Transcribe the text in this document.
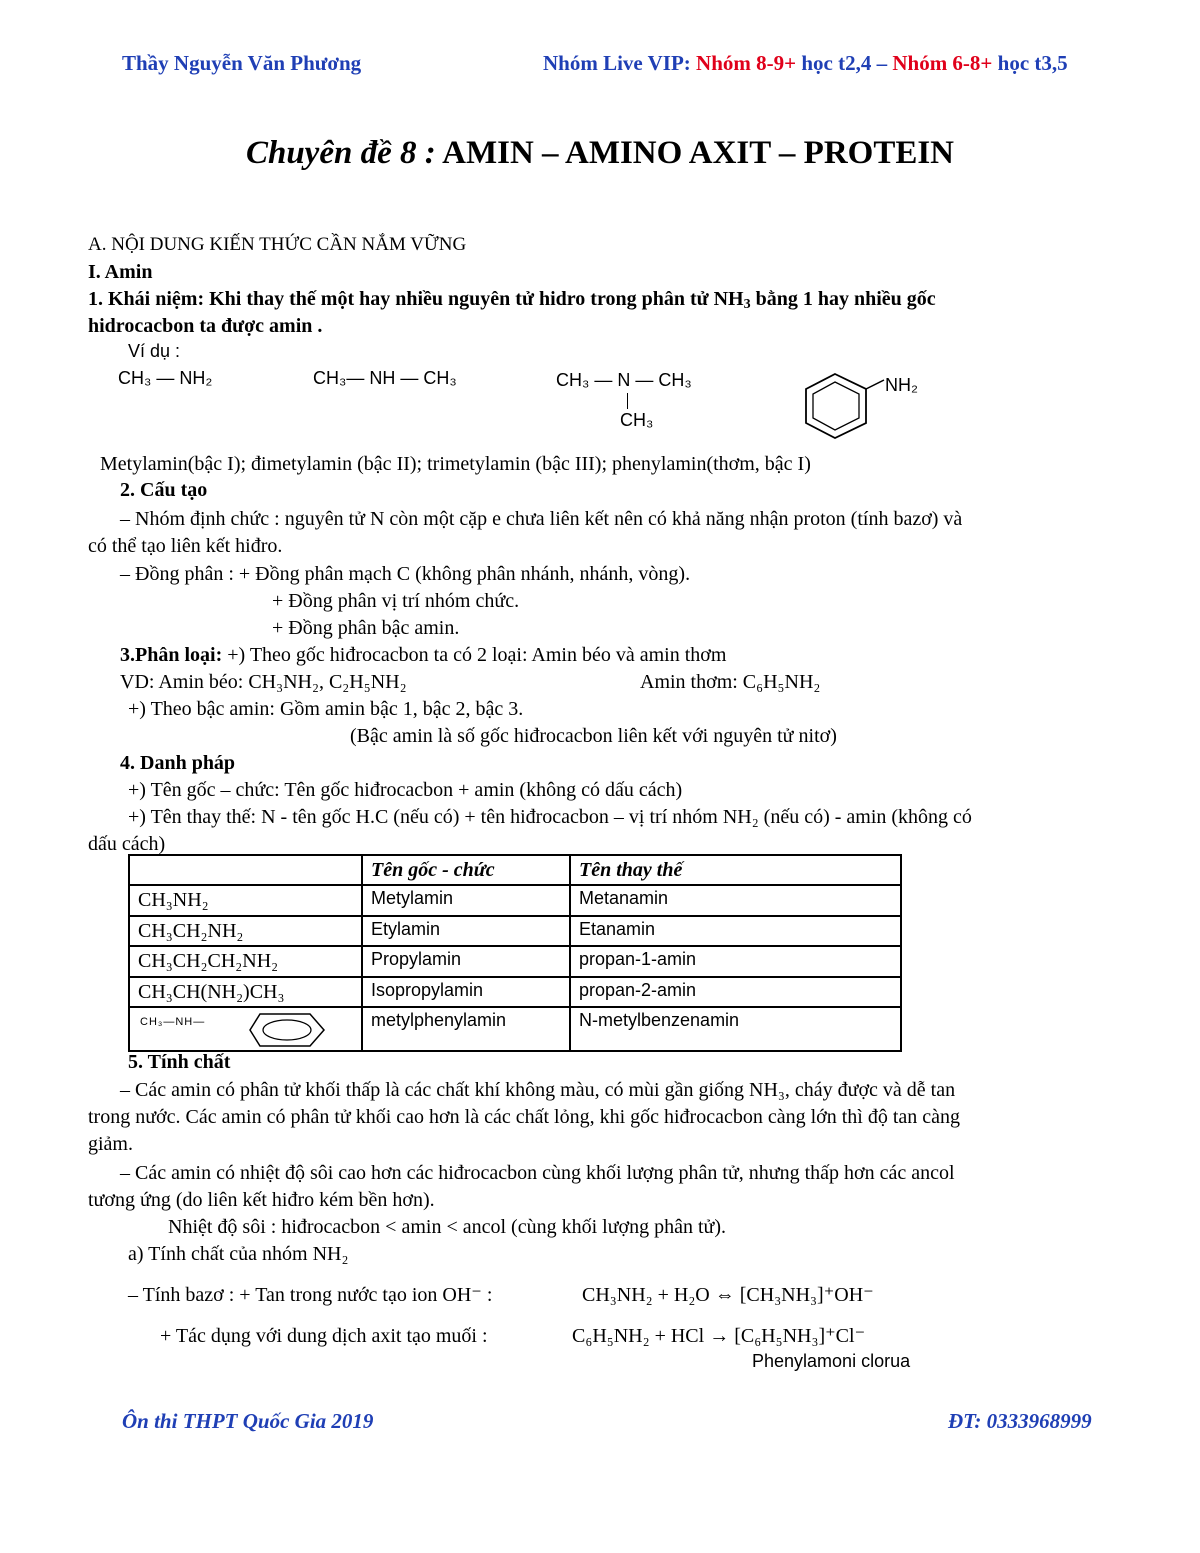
Thầy Nguyễn Văn Phương	Nhóm Live VIP: Nhóm 8-9+ học t2,4 – Nhóm 6-8+ học t3,5
Chuyên đề 8 : AMIN – AMINO AXIT – PROTEIN
A. NỘI DUNG KIẾN THỨC CẦN NẮM VỮNG
I. Amin
1. Khái niệm: Khi thay thế một hay nhiều nguyên tử hidro trong phân tử $NH_3$ bằng 1 hay nhiều gốc
hidrocacbon ta được amin .
Ví dụ :
CH₃ — NH₂	CH₃— NH — CH₃	CH₃ — N — CH₃
CH₃
NH₂
Metylamin(bậc I); đimetylamin (bậc II); trimetylamin (bậc III); phenylamin(thơm, bậc I)
2. Cấu tạo
– Nhóm định chức : nguyên tử N còn một cặp e chưa liên kết nên có khả năng nhận proton (tính bazơ) và
có thể tạo liên kết hiđro.
– Đồng phân : + Đồng phân mạch C (không phân nhánh, nhánh, vòng).
+ Đồng phân vị trí nhóm chức.
+ Đồng phân bậc amin.
3.Phân loại: +) Theo gốc hiđrocacbon ta có 2 loại: Amin béo và amin thơm
VD: Amin béo: CH₃NH₂, C₂H₅NH₂	Amin thơm: C₆H₅NH₂
+) Theo bậc amin: Gồm amin bậc 1, bậc 2, bậc 3.
(Bậc amin là số gốc hiđrocacbon liên kết với nguyên tử nitơ)
4. Danh pháp
+) Tên gốc – chức: Tên gốc hiđrocacbon + amin (không có dấu cách)
+) Tên thay thế: N - tên gốc H.C (nếu có) + tên hiđrocacbon – vị trí nhóm NH₂ (nếu có) - amin (không có
dấu cách)
	Tên gốc - chức	Tên thay thế
CH₃NH₂	Metylamin	Metanamin
CH₃CH₂NH₂	Etylamin	Etanamin
CH₃CH₂CH₂NH₂	Propylamin	propan-1-amin
CH₃CH(NH₂)CH₃	Isopropylamin	propan-2-amin

CH₃—NH—	metylphenylamin	N-metylbenzenamin
5. Tính chất
– Các amin có phân tử khối thấp là các chất khí không màu, có mùi gần giống NH₃, cháy được và dễ tan
trong nước. Các amin có phân tử khối cao hơn là các chất lỏng, khi gốc hiđrocacbon càng lớn thì độ tan càng
giảm.
– Các amin có nhiệt độ sôi cao hơn các hiđrocacbon cùng khối lượng phân tử, nhưng thấp hơn các ancol
tương ứng (do liên kết hiđro kém bền hơn).
Nhiệt độ sôi : hiđrocacbon < amin < ancol (cùng khối lượng phân tử).
a) Tính chất của nhóm NH₂
– Tính bazơ : + Tan trong nước tạo ion OH⁻ :	CH₃NH₂ + H₂O ⇔ [CH₃NH₃]⁺OH⁻
+ Tác dụng với dung dịch axit tạo muối :	C₆H₅NH₂ + HCl → [C₆H₅NH₃]⁺Cl⁻
Phenylamoni clorua
Ôn thi THPT Quốc Gia 2019	ĐT: 0333968999
